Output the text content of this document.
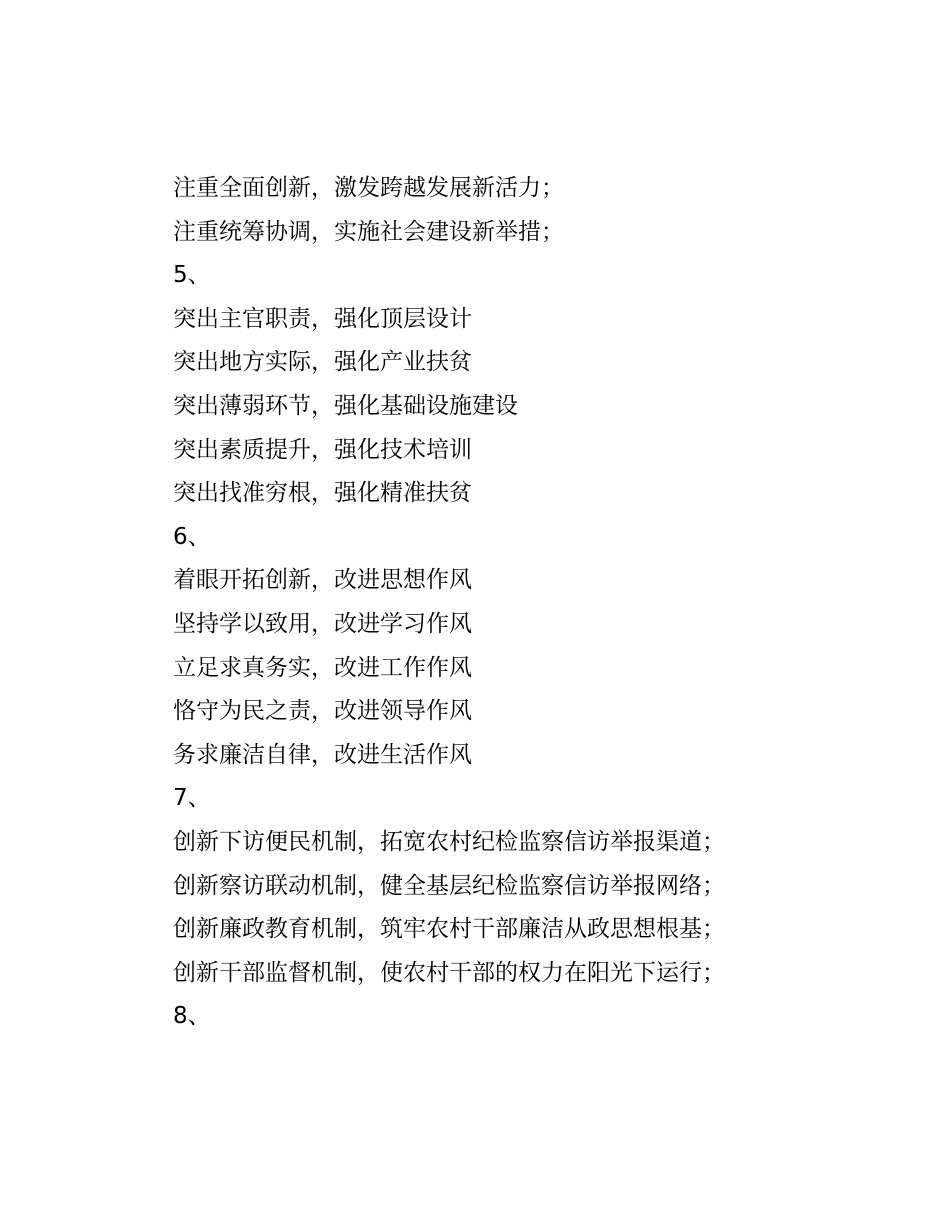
注重全面创新，激发跨越发展新活力；
注重统筹协调，实施社会建设新举措；
5、
突出主官职责，强化顶层设计
突出地方实际，强化产业扶贫
突出薄弱环节，强化基础设施建设
突出素质提升，强化技术培训
突出找准穷根，强化精准扶贫
6、
着眼开拓创新，改进思想作风
坚持学以致用，改进学习作风
立足求真务实，改进工作作风
恪守为民之责，改进领导作风
务求廉洁自律，改进生活作风
7、
创新下访便民机制，拓宽农村纪检监察信访举报渠道；
创新察访联动机制，健全基层纪检监察信访举报网络；
创新廉政教育机制，筑牢农村干部廉洁从政思想根基；
创新干部监督机制，使农村干部的权力在阳光下运行；
8、
